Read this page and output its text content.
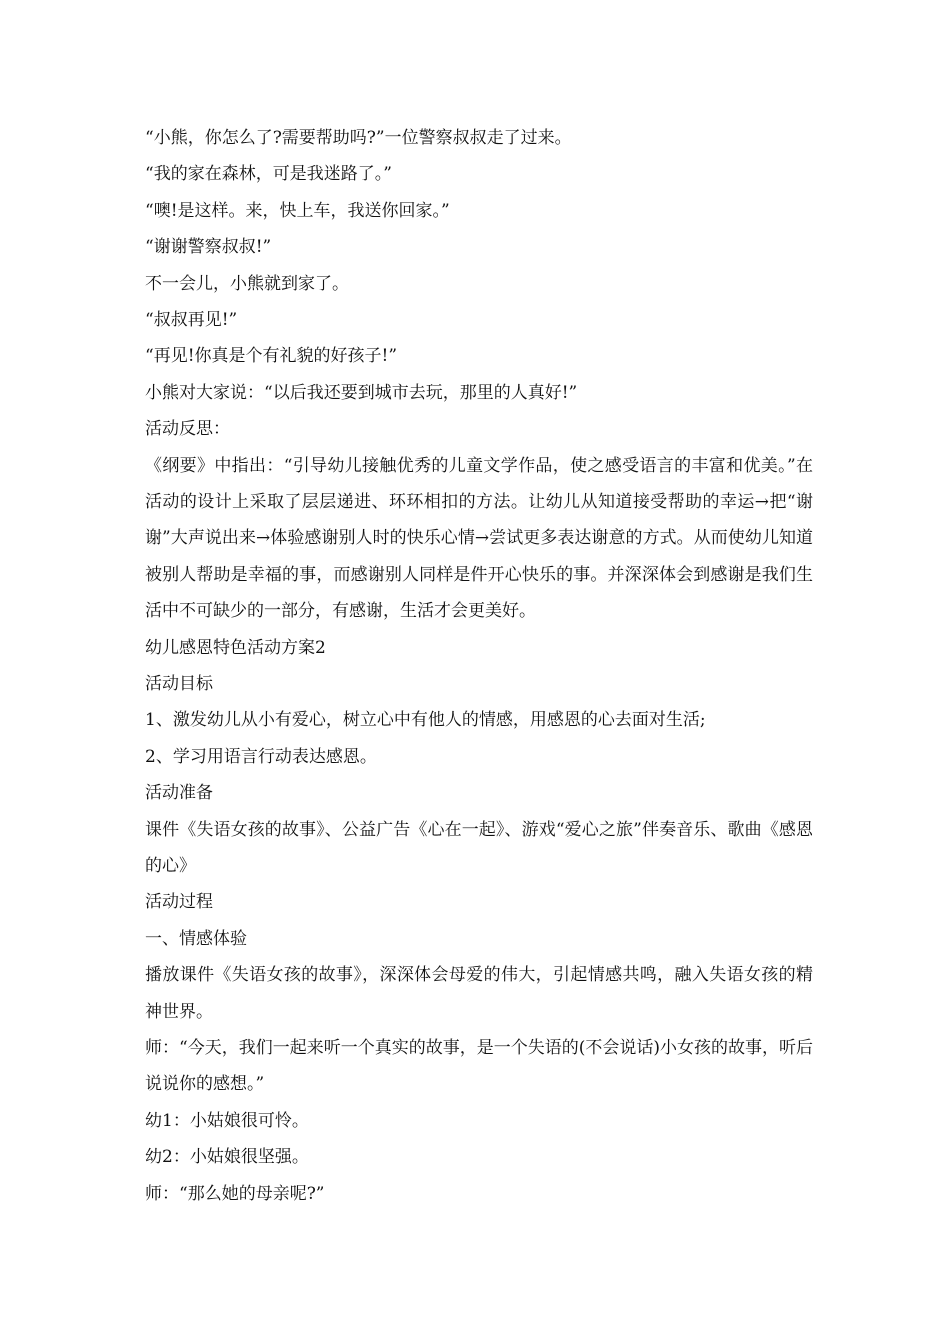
“小熊，你怎么了?需要帮助吗?”一位警察叔叔走了过来。
“我的家在森林，可是我迷路了。”
“噢!是这样。来，快上车，我送你回家。”
“谢谢警察叔叔!”
不一会儿，小熊就到家了。
“叔叔再见!”
“再见!你真是个有礼貌的好孩子!”
小熊对大家说：“以后我还要到城市去玩，那里的人真好!”
活动反思：
《纲要》中指出：“引导幼儿接触优秀的儿童文学作品，使之感受语言的丰富和优美。”在活动的设计上采取了层层递进、环环相扣的方法。让幼儿从知道接受帮助的幸运→把“谢谢”大声说出来→体验感谢别人时的快乐心情→尝试更多表达谢意的方式。从而使幼儿知道被别人帮助是幸福的事，而感谢别人同样是件开心快乐的事。并深深体会到感谢是我们生活中不可缺少的一部分，有感谢，生活才会更美好。
幼儿感恩特色活动方案2
活动目标
1、激发幼儿从小有爱心，树立心中有他人的情感，用感恩的心去面对生活;
2、学习用语言行动表达感恩。
活动准备
课件《失语女孩的故事》、公益广告《心在一起》、游戏“爱心之旅”伴奏音乐、歌曲《感恩的心》
活动过程
一、情感体验
播放课件《失语女孩的故事》，深深体会母爱的伟大，引起情感共鸣，融入失语女孩的精神世界。
师：“今天，我们一起来听一个真实的故事，是一个失语的(不会说话)小女孩的故事，听后说说你的感想。”
幼1：小姑娘很可怜。
幼2：小姑娘很坚强。
师：“那么她的母亲呢?”
